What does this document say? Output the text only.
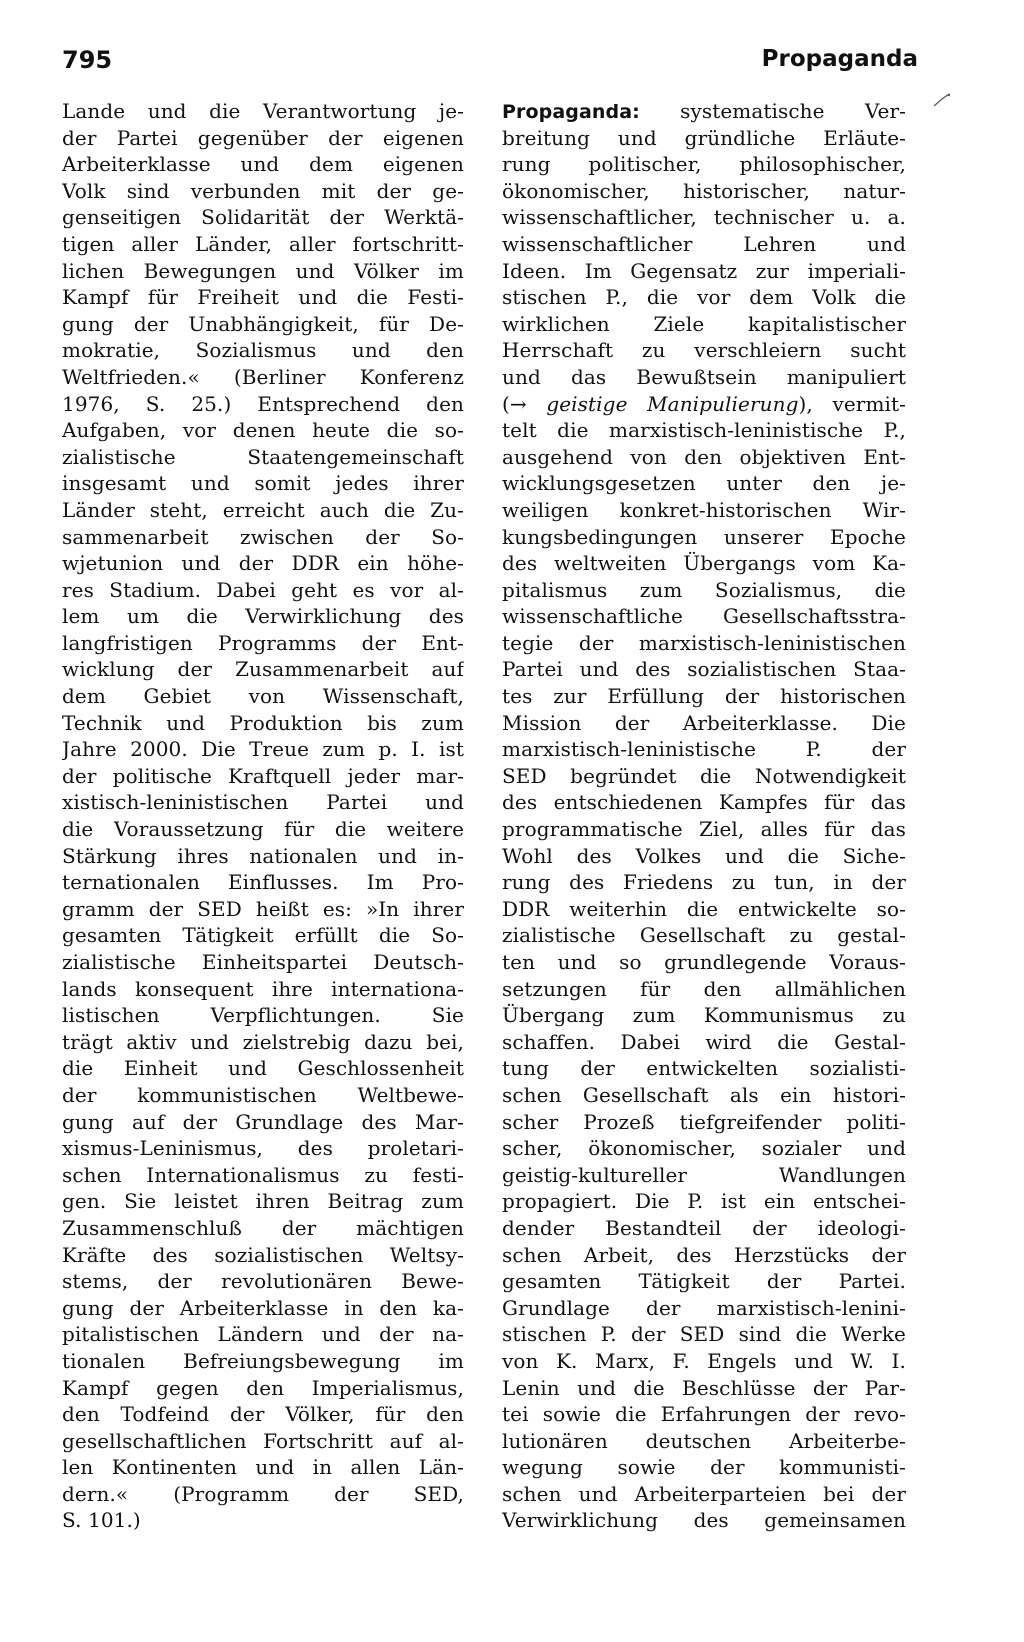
795	Propaganda
Lande und die Verantwortung je-
der Partei gegenüber der eigenen
Arbeiterklasse und dem eigenen
Volk sind verbunden mit der ge-
genseitigen Solidarität der Werktä-
tigen aller Länder, aller fortschritt-
lichen Bewegungen und Völker im
Kampf für Freiheit und die Festi-
gung der Unabhängigkeit, für De-
mokratie, Sozialismus und den
Weltfrieden.« (Berliner Konferenz
1976, S. 25.) Entsprechend den
Aufgaben, vor denen heute die so-
zialistische Staatengemeinschaft
insgesamt und somit jedes ihrer
Länder steht, erreicht auch die Zu-
sammenarbeit zwischen der So-
wjetunion und der DDR ein höhe-
res Stadium. Dabei geht es vor al-
lem um die Verwirklichung des
langfristigen Programms der Ent-
wicklung der Zusammenarbeit auf
dem Gebiet von Wissenschaft,
Technik und Produktion bis zum
Jahre 2000. Die Treue zum p. I. ist
der politische Kraftquell jeder mar-
xistisch-leninistischen Partei und
die Voraussetzung für die weitere
Stärkung ihres nationalen und in-
ternationalen Einflusses. Im Pro-
gramm der SED heißt es: »In ihrer
gesamten Tätigkeit erfüllt die So-
zialistische Einheitspartei Deutsch-
lands konsequent ihre internationa-
listischen Verpflichtungen. Sie
trägt aktiv und zielstrebig dazu bei,
die Einheit und Geschlossenheit
der kommunistischen Weltbewe-
gung auf der Grundlage des Mar-
xismus-Leninismus, des proletari-
schen Internationalismus zu festi-
gen. Sie leistet ihren Beitrag zum
Zusammenschluß der mächtigen
Kräfte des sozialistischen Weltsy-
stems, der revolutionären Bewe-
gung der Arbeiterklasse in den ka-
pitalistischen Ländern und der na-
tionalen Befreiungsbewegung im
Kampf gegen den Imperialismus,
den Todfeind der Völker, für den
gesellschaftlichen Fortschritt auf al-
len Kontinenten und in allen Län-
dern.« (Programm der SED,
S. 101.)
Propaganda: systematische Ver-
breitung und gründliche Erläute-
rung politischer, philosophischer,
ökonomischer, historischer, natur-
wissenschaftlicher, technischer u. a.
wissenschaftlicher Lehren und
Ideen. Im Gegensatz zur imperiali-
stischen P., die vor dem Volk die
wirklichen Ziele kapitalistischer
Herrschaft zu verschleiern sucht
und das Bewußtsein manipuliert
(→ geistige Manipulierung), vermit-
telt die marxistisch-leninistische P.,
ausgehend von den objektiven Ent-
wicklungsgesetzen unter den je-
weiligen konkret-historischen Wir-
kungsbedingungen unserer Epoche
des weltweiten Übergangs vom Ka-
pitalismus zum Sozialismus, die
wissenschaftliche Gesellschaftsstra-
tegie der marxistisch-leninistischen
Partei und des sozialistischen Staa-
tes zur Erfüllung der historischen
Mission der Arbeiterklasse. Die
marxistisch-leninistische P. der
SED begründet die Notwendigkeit
des entschiedenen Kampfes für das
programmatische Ziel, alles für das
Wohl des Volkes und die Siche-
rung des Friedens zu tun, in der
DDR weiterhin die entwickelte so-
zialistische Gesellschaft zu gestal-
ten und so grundlegende Voraus-
setzungen für den allmählichen
Übergang zum Kommunismus zu
schaffen. Dabei wird die Gestal-
tung der entwickelten sozialisti-
schen Gesellschaft als ein histori-
scher Prozeß tiefgreifender politi-
scher, ökonomischer, sozialer und
geistig-kultureller Wandlungen
propagiert. Die P. ist ein entschei-
dender Bestandteil der ideologi-
schen Arbeit, des Herzstücks der
gesamten Tätigkeit der Partei.
Grundlage der marxistisch-lenini-
stischen P. der SED sind die Werke
von K. Marx, F. Engels und W. I.
Lenin und die Beschlüsse der Par-
tei sowie die Erfahrungen der revo-
lutionären deutschen Arbeiterbe-
wegung sowie der kommunisti-
schen und Arbeiterparteien bei der
Verwirklichung des gemeinsamen
